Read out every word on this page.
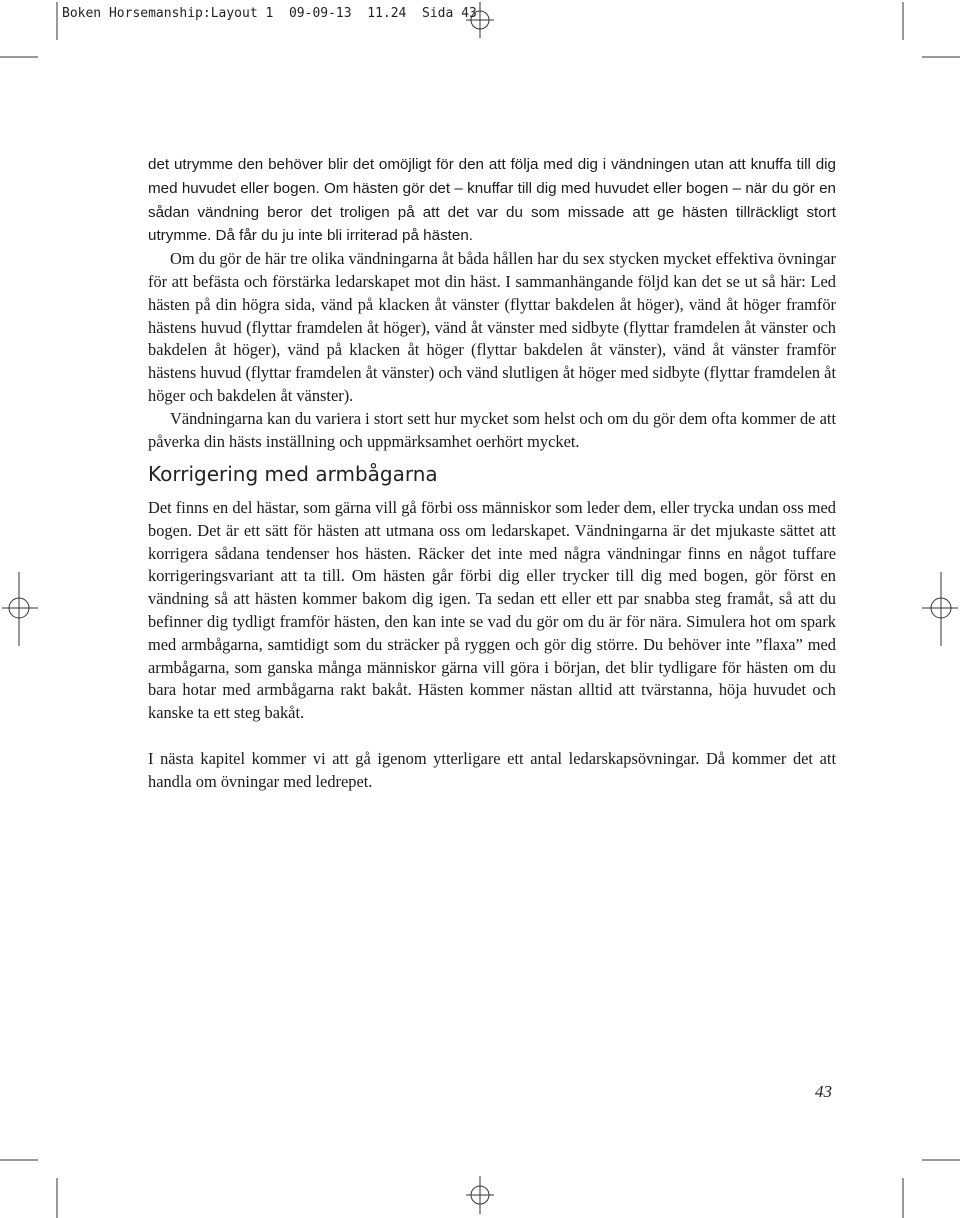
Boken Horsemanship:Layout 1  09-09-13  11.24  Sida 43

det utrymme den behöver blir det omöjligt för den att följa med dig i vändningen utan att knuffa till dig med huvudet eller bogen. Om hästen gör det – knuffar till dig med huvudet eller bogen – när du gör en sådan vändning beror det troligen på att det var du som missade att ge hästen tillräckligt stort utrymme. Då får du ju inte bli irriterad på hästen.

Om du gör de här tre olika vändningarna åt båda hållen har du sex stycken mycket effektiva övningar för att befästa och förstärka ledarskapet mot din häst. I sammanhängande följd kan det se ut så här: Led hästen på din högra sida, vänd på klacken åt vänster (flyttar bakdelen åt höger), vänd åt höger framför hästens huvud (flyttar framdelen åt höger), vänd åt vänster med sidbyte (flyttar framdelen åt vänster och bakdelen åt höger), vänd på klacken åt höger (flyttar bakdelen åt vänster), vänd åt vänster framför hästens huvud (flyttar framdelen åt vänster) och vänd slutligen åt höger med sidbyte (flyttar framdelen åt höger och bakdelen åt vänster).

Vändningarna kan du variera i stort sett hur mycket som helst och om du gör dem ofta kommer de att påverka din hästs inställning och uppmärksamhet oerhört mycket.

Korrigering med armbågarna

Det finns en del hästar, som gärna vill gå förbi oss människor som leder dem, eller trycka undan oss med bogen. Det är ett sätt för hästen att utmana oss om ledarskapet. Vändningarna är det mjukaste sättet att korrigera sådana tendenser hos hästen. Räcker det inte med några vändningar finns en något tuffare korrigeringsvariant att ta till. Om hästen går förbi dig eller trycker till dig med bogen, gör först en vändning så att hästen kommer bakom dig igen. Ta sedan ett eller ett par snabba steg framåt, så att du befinner dig tydligt framför hästen, den kan inte se vad du gör om du är för nära. Simulera hot om spark med armbågarna, samtidigt som du sträcker på ryggen och gör dig större. Du behöver inte ”flaxa” med armbågarna, som ganska många människor gärna vill göra i början, det blir tydligare för hästen om du bara hotar med armbågarna rakt bakåt. Hästen kommer nästan alltid att tvärstanna, höja huvudet och kanske ta ett steg bakåt.

I nästa kapitel kommer vi att gå igenom ytterligare ett antal ledarskapsövningar. Då kommer det att handla om övningar med ledrepet.

43
